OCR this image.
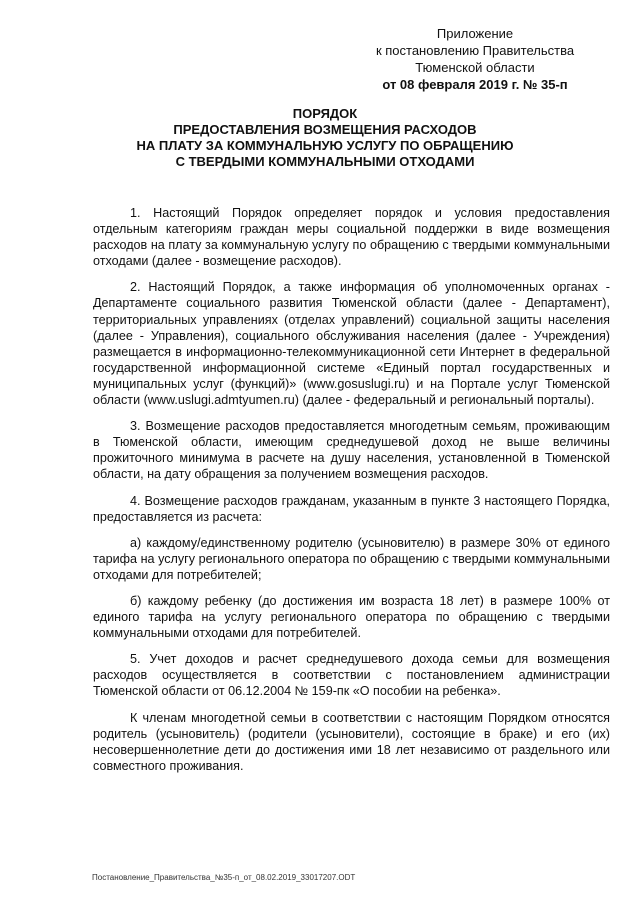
Приложение
к постановлению Правительства
Тюменской области
от 08 февраля 2019 г. № 35-п
ПОРЯДОК
ПРЕДОСТАВЛЕНИЯ ВОЗМЕЩЕНИЯ РАСХОДОВ
НА ПЛАТУ ЗА КОММУНАЛЬНУЮ УСЛУГУ ПО ОБРАЩЕНИЮ
С ТВЕРДЫМИ КОММУНАЛЬНЫМИ ОТХОДАМИ

1. Настоящий Порядок определяет порядок и условия предоставления отдельным категориям граждан меры социальной поддержки в виде возмещения расходов на плату за коммунальную услугу по обращению с твердыми коммунальными отходами (далее - возмещение расходов).

2. Настоящий Порядок, а также информация об уполномоченных органах - Департаменте социального развития Тюменской области (далее - Департамент), территориальных управлениях (отделах управлений) социальной защиты населения (далее - Управления), социального обслуживания населения (далее - Учреждения) размещается в информационно-телекоммуникационной сети Интернет в федеральной государственной информационной системе «Единый портал государственных и муниципальных услуг (функций)» (www.gosuslugi.ru) и на Портале услуг Тюменской области (www.uslugi.admtyumen.ru) (далее - федеральный и региональный порталы).

3. Возмещение расходов предоставляется многодетным семьям, проживающим в Тюменской области, имеющим среднедушевой доход не выше величины прожиточного минимума в расчете на душу населения, установленной в Тюменской области, на дату обращения за получением возмещения расходов.

4. Возмещение расходов гражданам, указанным в пункте 3 настоящего Порядка, предоставляется из расчета:

а) каждому/единственному родителю (усыновителю) в размере 30% от единого тарифа на услугу регионального оператора по обращению с твердыми коммунальными отходами для потребителей;

б) каждому ребенку (до достижения им возраста 18 лет) в размере 100% от единого тарифа на услугу регионального оператора по обращению с твердыми коммунальными отходами для потребителей.

5. Учет доходов и расчет среднедушевого дохода семьи для возмещения расходов осуществляется в соответствии с постановлением администрации Тюменской области от 06.12.2004 № 159-пк «О пособии на ребенка».

К членам многодетной семьи в соответствии с настоящим Порядком относятся родитель (усыновитель) (родители (усыновители), состоящие в браке) и его (их) несовершеннолетние дети до достижения ими 18 лет независимо от раздельного или совместного проживания.

Постановление_Правительства_№35-п_от_08.02.2019_33017207.ODT
